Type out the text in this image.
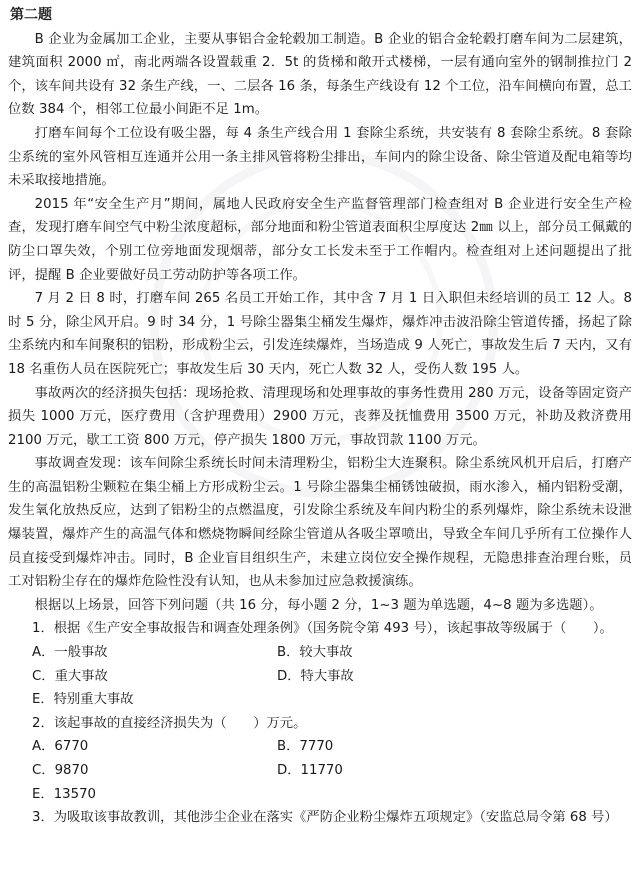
第二题

B 企业为金属加工企业，主要从事铝合金轮毂加工制造。B 企业的铝合金轮毂打磨车间为二层建筑，建筑面积 2000 ㎡，南北两端各设置载重 2．5t 的货梯和敞开式楼梯，一层有通向室外的钢制推拉门 2 个，该车间共设有 32 条生产线，一、二层各 16 条，每条生产线设有 12 个工位，沿车间横向布置，总工位数 384 个，相邻工位最小间距不足 1m。

打磨车间每个工位设有吸尘器，每 4 条生产线合用 1 套除尘系统，共安装有 8 套除尘系统。8 套除尘系统的室外风管相互连通并公用一条主排风管将粉尘排出，车间内的除尘设备、除尘管道及配电箱等均未采取接地措施。

2015 年“安全生产月”期间，属地人民政府安全生产监督管理部门检查组对 B 企业进行安全生产检查，发现打磨车间空气中粉尘浓度超标，部分地面和粉尘管道表面积尘厚度达 2㎜ 以上，部分员工佩戴的防尘口罩失效，个别工位旁地面发现烟蒂，部分女工长发未至于工作帽内。检查组对上述问题提出了批评，提醒 B 企业要做好员工劳动防护等各项工作。

7 月 2 日 8 时，打磨车间 265 名员工开始工作，其中含 7 月 1 日入职但未经培训的员工 12 人。8 时 5 分，除尘风开启。9 时 34 分，1 号除尘器集尘桶发生爆炸，爆炸冲击波沿除尘管道传播，扬起了除尘系统内和车间聚积的铝粉，形成粉尘云，引发连续爆炸，当场造成 9 人死亡，事故发生后 7 天内，又有 18 名重伤人员在医院死亡；事故发生后 30 天内，死亡人数 32 人，受伤人数 195 人。

事故两次的经济损失包括：现场抢救、清理现场和处理事故的事务性费用 280 万元，设备等固定资产损失 1000 万元，医疗费用（含护理费用）2900 万元，丧葬及抚恤费用 3500 万元，补助及救济费用 2100 万元，歇工工资 800 万元，停产损失 1800 万元，事故罚款 1100 万元。

事故调查发现：该车间除尘系统长时间未清理粉尘，铝粉尘大连聚积。除尘系统风机开启后，打磨产生的高温铝粉尘颗粒在集尘桶上方形成粉尘云。1 号除尘器集尘桶锈蚀破损，雨水渗入，桶内铝粉受潮，发生氧化放热反应，达到了铝粉尘的点燃温度，引发除尘系统及车间内粉尘的系列爆炸，除尘系统未设泄爆装置，爆炸产生的高温气体和燃烧物瞬间经除尘管道从各吸尘罩喷出，导致全车间几乎所有工位操作人员直接受到爆炸冲击。同时，B 企业盲目组织生产，未建立岗位安全操作规程，无隐患排查治理台账，员工对铝粉尘存在的爆炸危险性没有认知，也从未参加过应急救援演练。

根据以上场景，回答下列问题（共 16 分，每小题 2 分，1~3 题为单选题，4~8 题为多选题）。

1．根据《生产安全事故报告和调查处理条例》（国务院令第 493 号），该起事故等级属于（　　）。

A．一般事故	B．较大事故
C．重大事故	D．特大事故
E．特别重大事故

2．该起事故的直接经济损失为（　　）万元。

A．6770	B．7770
C．9870	D．11770
E．13570

3．为吸取该事故教训，其他涉尘企业在落实《严防企业粉尘爆炸五项规定》（安监总局令第 68 号）
